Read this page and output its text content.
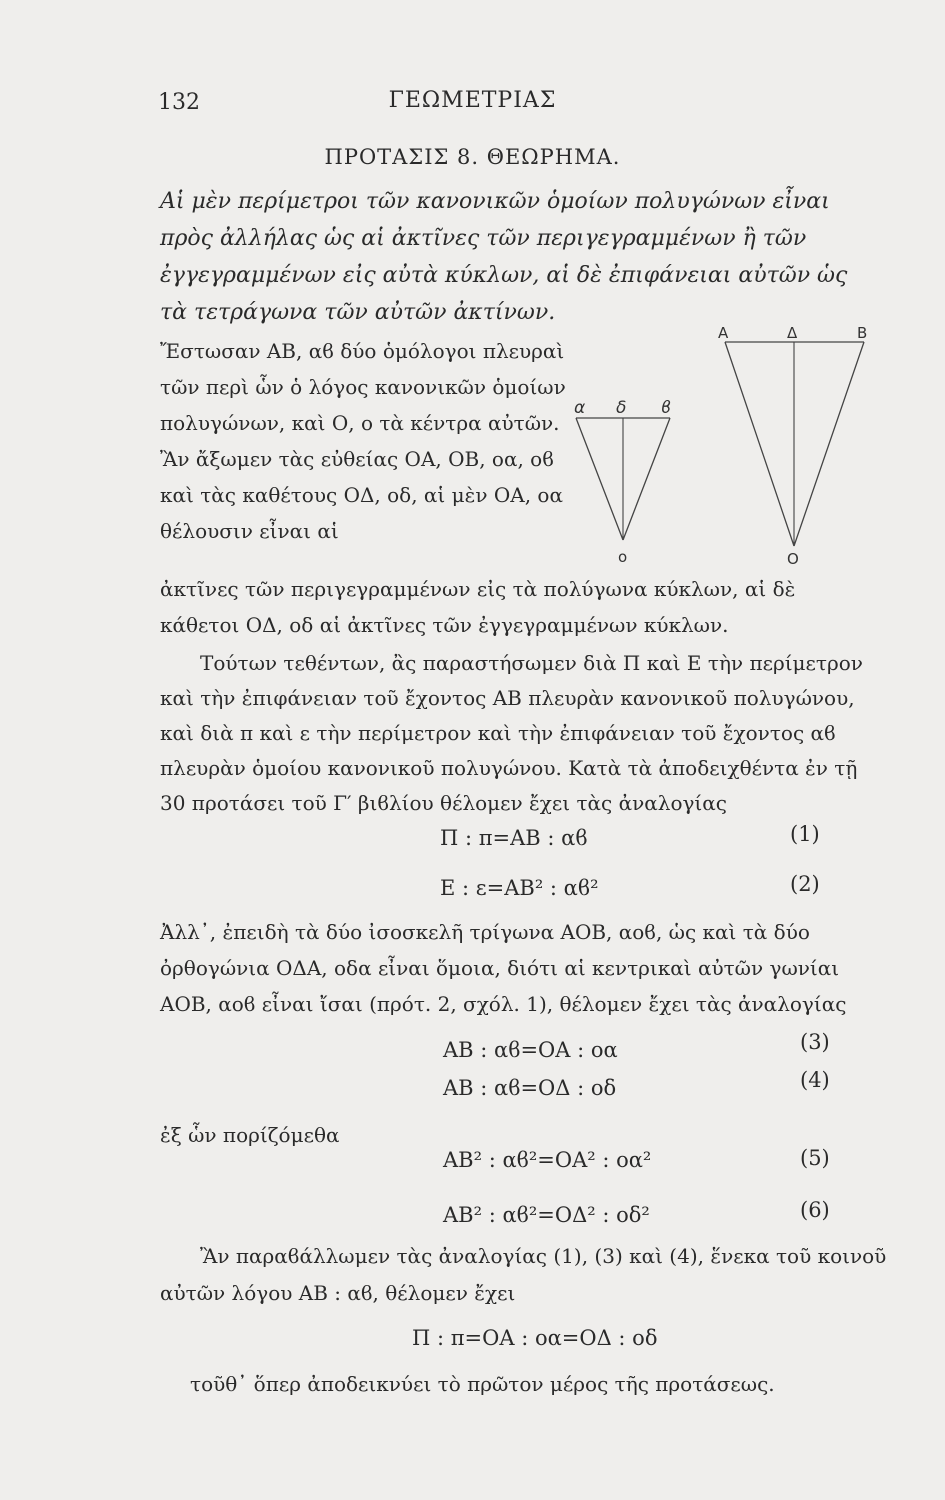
132	ΓΕΩΜΕΤΡΙΑΣ
ΠΡΟΤΑΣΙΣ 8. ΘΕΩΡΗΜΑ.

Αἱ μὲν περίμετροι τῶν κανονικῶν ὁμοίων πολυγώνων εἶναι πρὸς ἀλλήλας ὡς αἱ ἀκτῖνες τῶν περιγεγραμμένων ἢ τῶν ἐγγεγραμμένων εἰς αὐτὰ κύκλων, αἱ δὲ ἐπιφάνειαι αὐτῶν ὡς τὰ τετράγωνα τῶν αὐτῶν ἀκτίνων.

Α	Δ	Β
Ο
α δ ϐ
ο

Ἔστωσαν ΑΒ, αϐ δύο ὁμόλογοι πλευραὶ τῶν περὶ ὧν ὁ λόγος κανονικῶν ὁμοίων πολυγώνων, καὶ Ο, ο τὰ κέντρα αὐτῶν. Ἂν ἄξωμεν τὰς εὐθείας ΟΑ, ΟΒ, οα, οϐ καὶ τὰς καθέτους ΟΔ, οδ, αἱ μὲν ΟΑ, οα θέλουσιν εἶναι αἱ

ἀκτῖνες τῶν περιγεγραμμένων εἰς τὰ πολύγωνα κύκλων, αἱ δὲ κάθετοι ΟΔ, οδ αἱ ἀκτῖνες τῶν ἐγγεγραμμένων κύκλων.

Τούτων τεθέντων, ἂς παραστήσωμεν διὰ Π καὶ Ε τὴν περίμετρον καὶ τὴν ἐπιφάνειαν τοῦ ἔχοντος ΑΒ πλευρὰν κανονικοῦ πολυγώνου, καὶ διὰ π καὶ ε τὴν περίμετρον καὶ τὴν ἐπιφάνειαν τοῦ ἔχοντος αϐ πλευρὰν ὁμοίου κανονικοῦ πολυγώνου. Κατὰ τὰ ἀποδειχθέντα ἐν τῇ 30 προτάσει τοῦ Γ′ βιϐλίου θέλομεν ἔχει τὰς ἀναλογίας

Π : π=ΑΒ : αϐ	(1)
Ε : ε=ΑΒ² : αϐ²	(2)

Ἀλλ᾽, ἐπειδὴ τὰ δύο ἰσοσκελῆ τρίγωνα ΑΟΒ, αοϐ, ὡς καὶ τὰ δύο ὀρθογώνια ΟΔΑ, οδα εἶναι ὅμοια, διότι αἱ κεντρικαὶ αὐτῶν γωνίαι ΑΟΒ, αοϐ εἶναι ἴσαι (πρότ. 2, σχόλ. 1), θέλομεν ἔχει τὰς ἀναλογίας

ΑΒ : αϐ=ΟΑ : οα	(3)
ΑΒ : αϐ=ΟΔ : οδ	(4)
ἐξ ὧν πορίζόμεθα
ΑΒ² : αϐ²=ΟΑ² : οα²	(5)
ΑΒ² : αϐ²=ΟΔ² : οδ²	(6)

Ἂν παραϐάλλωμεν τὰς ἀναλογίας (1), (3) καὶ (4), ἕνεκα τοῦ κοινοῦ αὐτῶν λόγου ΑΒ : αϐ, θέλομεν ἔχει

Π : π=ΟΑ : οα=ΟΔ : οδ
τοῦθ᾽ ὅπερ ἀποδεικνύει τὸ πρῶτον μέρος τῆς προτάσεως.
